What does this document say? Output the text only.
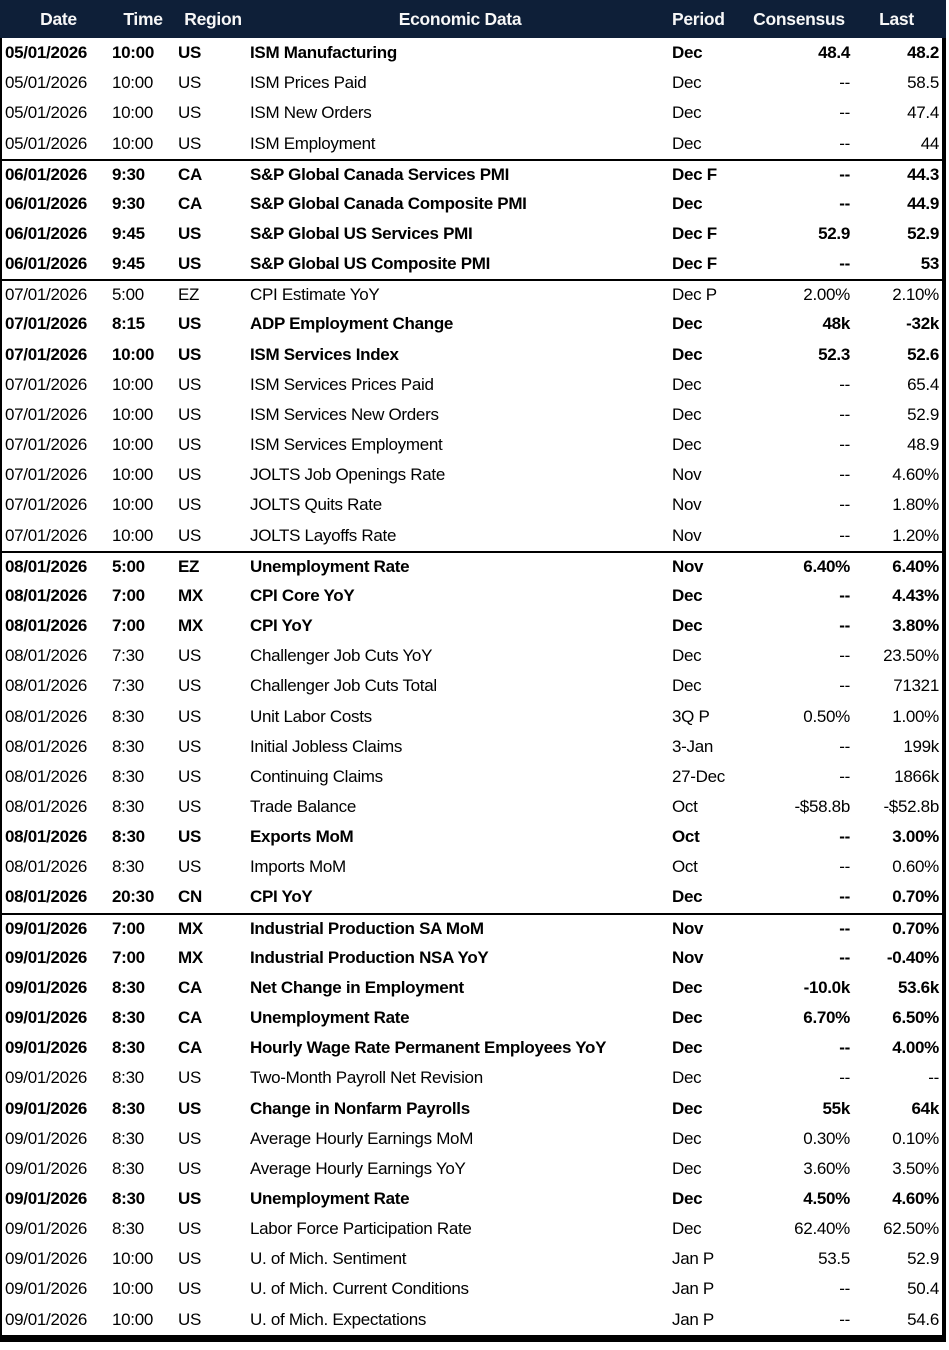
Date	Time	Region	Economic Data	Period	Consensus	Last
05/01/2026	10:00	US	ISM Manufacturing	Dec	48.4	48.2
05/01/2026	10:00	US	ISM Prices Paid	Dec	--	58.5
05/01/2026	10:00	US	ISM New Orders	Dec	--	47.4
05/01/2026	10:00	US	ISM Employment	Dec	--	44
06/01/2026	9:30	CA	S&P Global Canada Services PMI	Dec F	--	44.3
06/01/2026	9:30	CA	S&P Global Canada Composite PMI	Dec	--	44.9
06/01/2026	9:45	US	S&P Global US Services PMI	Dec F	52.9	52.9
06/01/2026	9:45	US	S&P Global US Composite PMI	Dec F	--	53
07/01/2026	5:00	EZ	CPI Estimate YoY	Dec P	2.00%	2.10%
07/01/2026	8:15	US	ADP Employment Change	Dec	48k	-32k
07/01/2026	10:00	US	ISM Services Index	Dec	52.3	52.6
07/01/2026	10:00	US	ISM Services Prices Paid	Dec	--	65.4
07/01/2026	10:00	US	ISM Services New Orders	Dec	--	52.9
07/01/2026	10:00	US	ISM Services Employment	Dec	--	48.9
07/01/2026	10:00	US	JOLTS Job Openings Rate	Nov	--	4.60%
07/01/2026	10:00	US	JOLTS Quits Rate	Nov	--	1.80%
07/01/2026	10:00	US	JOLTS Layoffs Rate	Nov	--	1.20%
08/01/2026	5:00	EZ	Unemployment Rate	Nov	6.40%	6.40%
08/01/2026	7:00	MX	CPI Core YoY	Dec	--	4.43%
08/01/2026	7:00	MX	CPI YoY	Dec	--	3.80%
08/01/2026	7:30	US	Challenger Job Cuts YoY	Dec	--	23.50%
08/01/2026	7:30	US	Challenger Job Cuts Total	Dec	--	71321
08/01/2026	8:30	US	Unit Labor Costs	3Q P	0.50%	1.00%
08/01/2026	8:30	US	Initial Jobless Claims	3-Jan	--	199k
08/01/2026	8:30	US	Continuing Claims	27-Dec	--	1866k
08/01/2026	8:30	US	Trade Balance	Oct	-$58.8b	-$52.8b
08/01/2026	8:30	US	Exports MoM	Oct	--	3.00%
08/01/2026	8:30	US	Imports MoM	Oct	--	0.60%
08/01/2026	20:30	CN	CPI YoY	Dec	--	0.70%
09/01/2026	7:00	MX	Industrial Production SA MoM	Nov	--	0.70%
09/01/2026	7:00	MX	Industrial Production NSA YoY	Nov	--	-0.40%
09/01/2026	8:30	CA	Net Change in Employment	Dec	-10.0k	53.6k
09/01/2026	8:30	CA	Unemployment Rate	Dec	6.70%	6.50%
09/01/2026	8:30	CA	Hourly Wage Rate Permanent Employees YoY	Dec	--	4.00%
09/01/2026	8:30	US	Two-Month Payroll Net Revision	Dec	--	--
09/01/2026	8:30	US	Change in Nonfarm Payrolls	Dec	55k	64k
09/01/2026	8:30	US	Average Hourly Earnings MoM	Dec	0.30%	0.10%
09/01/2026	8:30	US	Average Hourly Earnings YoY	Dec	3.60%	3.50%
09/01/2026	8:30	US	Unemployment Rate	Dec	4.50%	4.60%
09/01/2026	8:30	US	Labor Force Participation Rate	Dec	62.40%	62.50%
09/01/2026	10:00	US	U. of Mich. Sentiment	Jan P	53.5	52.9
09/01/2026	10:00	US	U. of Mich. Current Conditions	Jan P	--	50.4
09/01/2026	10:00	US	U. of Mich. Expectations	Jan P	--	54.6
